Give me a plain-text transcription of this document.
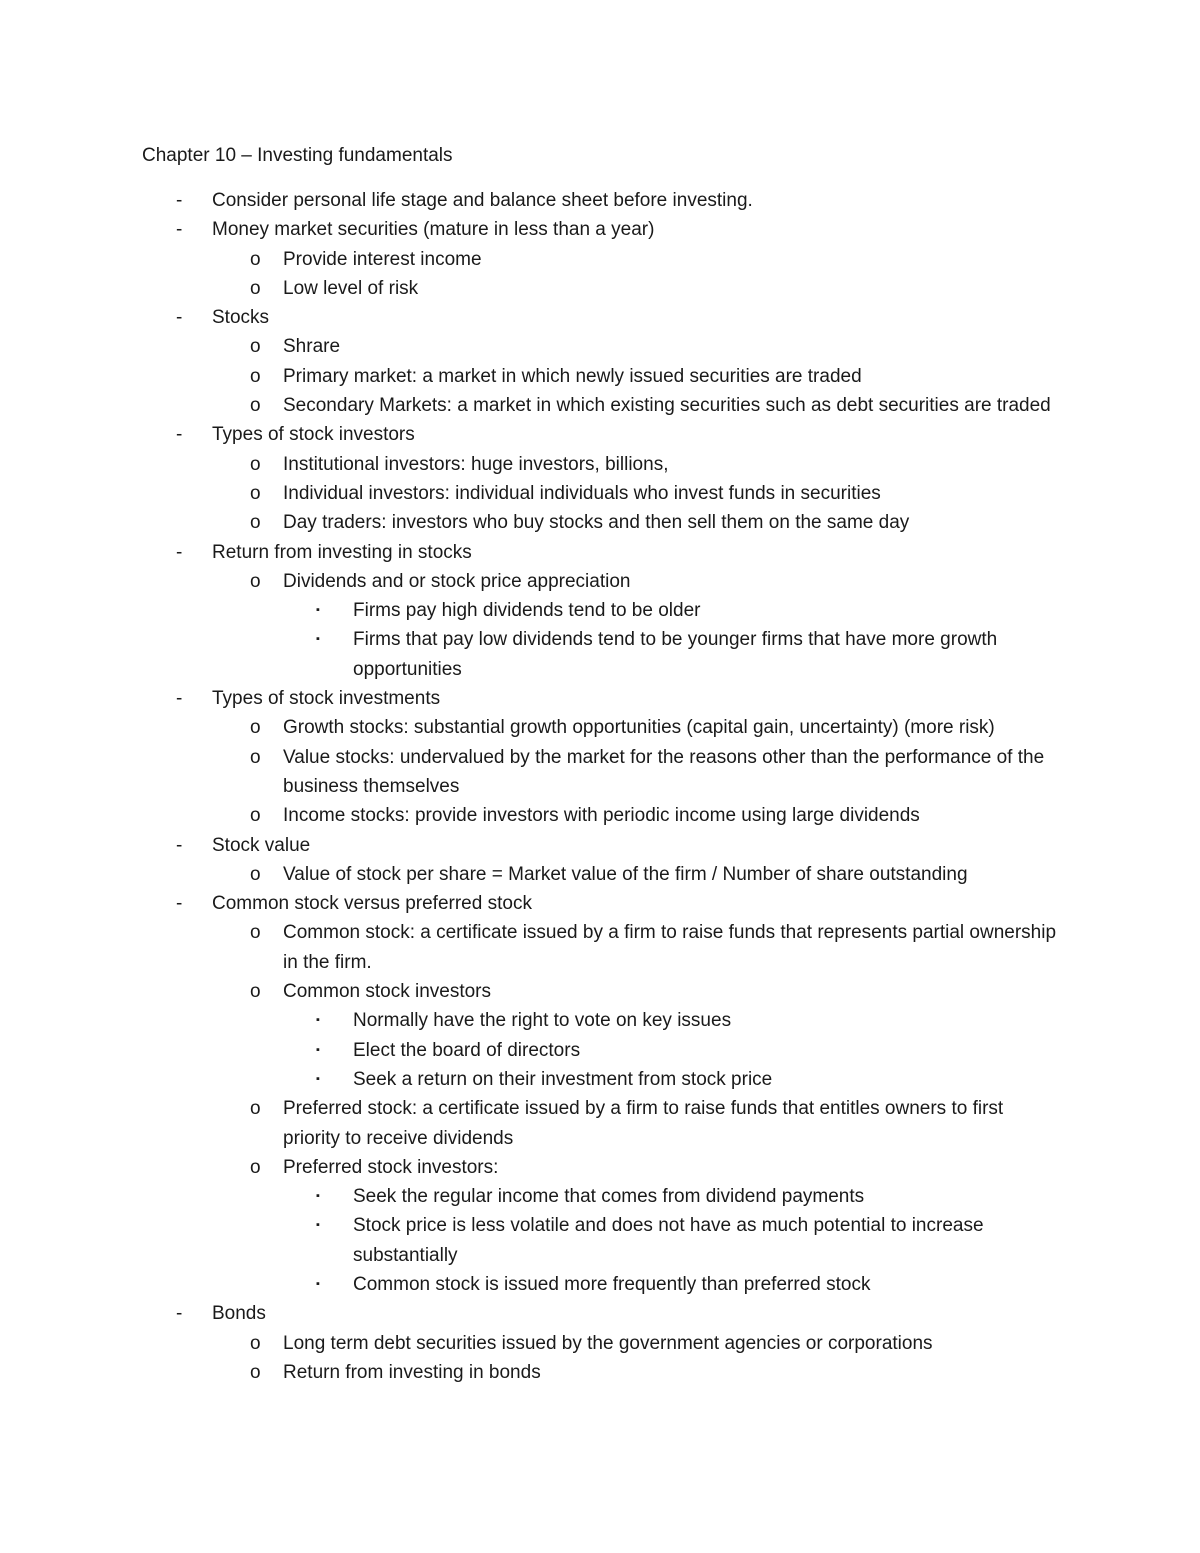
Chapter 10 – Investing fundamentals
- Consider personal life stage and balance sheet before investing.
- Money market securities (mature in less than a year)
o Provide interest income
o Low level of risk
- Stocks
o Shrare
o Primary market: a market in which newly issued securities are traded
o Secondary Markets: a market in which existing securities such as debt securities are traded
- Types of stock investors
o Institutional investors: huge investors, billions,
o Individual investors: individual individuals who invest funds in securities
o Day traders: investors who buy stocks and then sell them on the same day
- Return from investing in stocks
o Dividends and or stock price appreciation
▪ Firms pay high dividends tend to be older
▪ Firms that pay low dividends tend to be younger firms that have more growth opportunities
- Types of stock investments
o Growth stocks: substantial growth opportunities (capital gain, uncertainty) (more risk)
o Value stocks: undervalued by the market for the reasons other than the performance of the business themselves
o Income stocks: provide investors with periodic income using large dividends
- Stock value
o Value of stock per share = Market value of the firm / Number of share outstanding
- Common stock versus preferred stock
o Common stock: a certificate issued by a firm to raise funds that represents partial ownership in the firm.
o Common stock investors
▪ Normally have the right to vote on key issues
▪ Elect the board of directors
▪ Seek a return on their investment from stock price
o Preferred stock: a certificate issued by a firm to raise funds that entitles owners to first priority to receive dividends
o Preferred stock investors:
▪ Seek the regular income that comes from dividend payments
▪ Stock price is less volatile and does not have as much potential to increase substantially
▪ Common stock is issued more frequently than preferred stock
- Bonds
o Long term debt securities issued by the government agencies or corporations
o Return from investing in bonds
